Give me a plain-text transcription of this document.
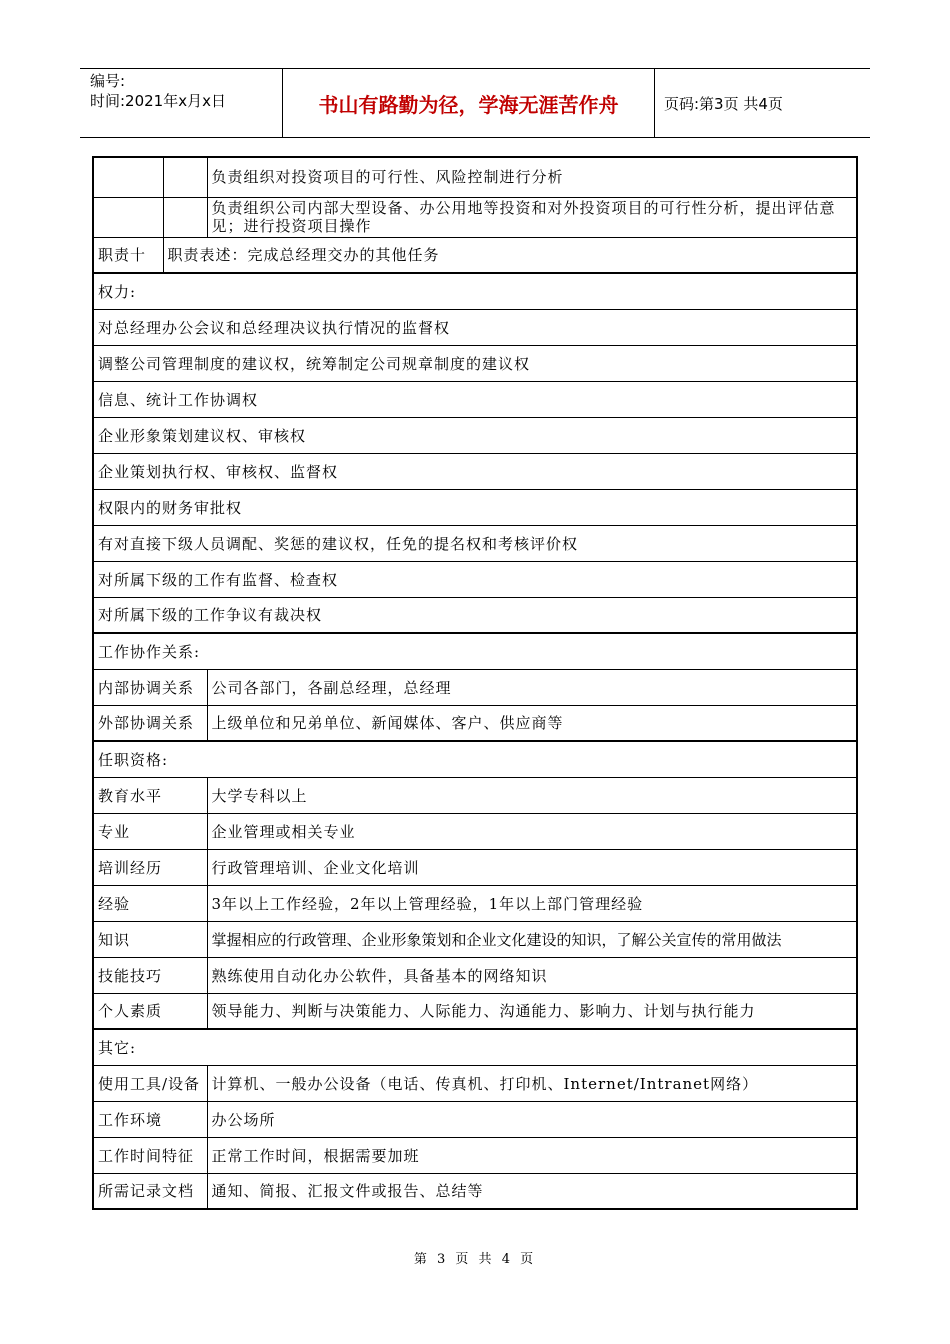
编号:
时间:2021年x月x日	书山有路勤为径，学海无涯苦作舟	页码:第3页 共4页
		负责组织对投资项目的可行性、风险控制进行分析
		负责组织公司内部大型设备、办公用地等投资和对外投资项目的可行性分析，提出评估意见；进行投资项目操作
职责十	职责表述：完成总经理交办的其他任务	
权力:		
对总经理办公会议和总经理决议执行情况的监督权		
调整公司管理制度的建议权，统筹制定公司规章制度的建议权		
信息、统计工作协调权		
企业形象策划建议权、审核权		
企业策划执行权、审核权、监督权		
权限内的财务审批权		
有对直接下级人员调配、奖惩的建议权，任免的提名权和考核评价权		
对所属下级的工作有监督、检查权		
对所属下级的工作争议有裁决权		
工作协作关系:		
内部协调关系		公司各部门，各副总经理，总经理
外部协调关系		上级单位和兄弟单位、新闻媒体、客户、供应商等
任职资格:		
教育水平		大学专科以上
专业		企业管理或相关专业
培训经历		行政管理培训、企业文化培训
经验		3年以上工作经验，2年以上管理经验，1年以上部门管理经验
知识		掌握相应的行政管理、企业形象策划和企业文化建设的知识，了解公关宣传的常用做法
技能技巧		熟练使用自动化办公软件，具备基本的网络知识
个人素质		领导能力、判断与决策能力、人际能力、沟通能力、影响力、计划与执行能力
其它:		
使用工具/设备		计算机、一般办公设备（电话、传真机、打印机、Internet/Intranet网络）
工作环境		办公场所
工作时间特征		正常工作时间，根据需要加班
所需记录文档		通知、简报、汇报文件或报告、总结等
第 3 页 共 4 页
